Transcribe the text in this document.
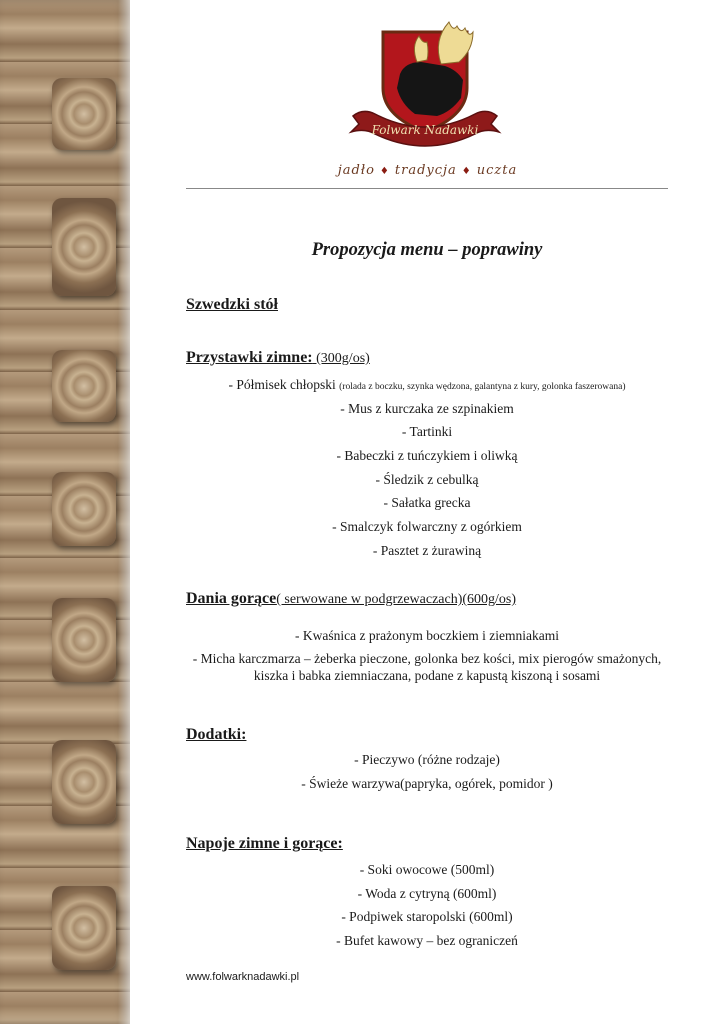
Folwark Nadawki
jadło ♦ tradycja ♦ uczta
Propozycja menu – poprawiny
Szwedzki stół
Przystawki zimne: (300g/os)
- Półmisek chłopski (rolada z boczku, szynka wędzona, galantyna z kury, golonka faszerowana)
- Mus z kurczaka ze szpinakiem
- Tartinki
- Babeczki z tuńczykiem i oliwką
- Śledzik z cebulką
- Sałatka grecka
- Smalczyk folwarczny z ogórkiem
- Pasztet z żurawiną
Dania gorące( serwowane w podgrzewaczach)(600g/os)
- Kwaśnica z prażonym boczkiem i ziemniakami
- Micha karczmarza – żeberka pieczone, golonka bez kości, mix pierogów smażonych, kiszka i babka ziemniaczana, podane z kapustą kiszoną i sosami
Dodatki:
- Pieczywo (różne rodzaje)
- Świeże warzywa(papryka, ogórek, pomidor )
Napoje zimne i gorące:
- Soki owocowe (500ml)
- Woda z cytryną (600ml)
- Podpiwek staropolski (600ml)
- Bufet kawowy – bez ograniczeń
www.folwarknadawki.pl
